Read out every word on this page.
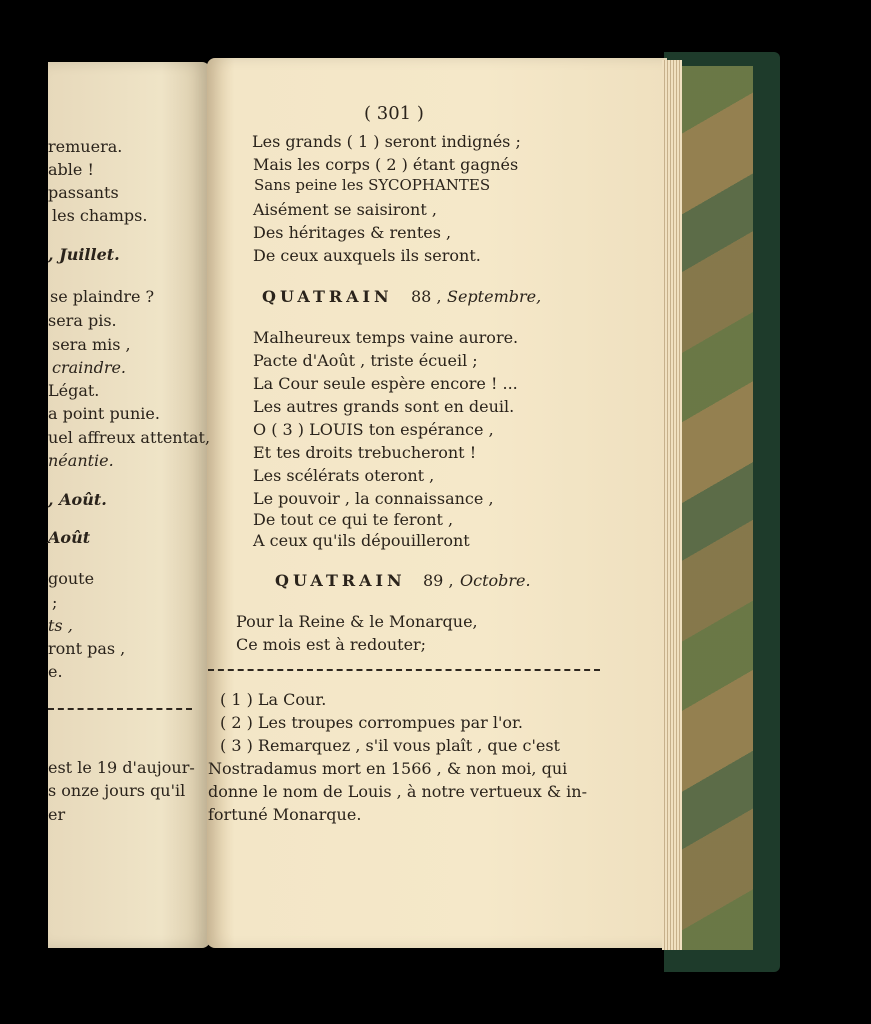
remuera.
able !
passants
les champs.
, Juillet.
se plaindre ?
sera pis.
sera mis ,
craindre.
Légat.
a point punie.
uel affreux attentat,
néantie.
, Août.
Août
goute
;
ts ,
ront pas ,
e.
est le 19 d'aujour-
s onze jours qu'il
er
( 301 )
Les grands ( 1 ) seront indignés ;
Mais les corps ( 2 ) étant gagnés
Sans peine les SYCOPHANTES
Aisément se saisiront ,
Des héritages & rentes ,
De ceux auxquels ils seront.
QUATRAIN 88 , Septembre,
Malheureux temps vaine aurore.
Pacte d'Août , triste écueil ;
La Cour seule espère encore ! ...
Les autres grands sont en deuil.
O ( 3 ) LOUIS ton espérance ,
Et tes droits trebucheront !
Les scélérats oteront ,
Le pouvoir , la connaissance ,
De tout ce qui te feront ,
A ceux qu'ils dépouilleront
QUATRAIN 89 , Octobre.
Pour la Reine & le Monarque,
Ce mois est à redouter;
( 1 ) La Cour.
( 2 ) Les troupes corrompues par l'or.
( 3 ) Remarquez , s'il vous plaît , que c'est
Nostradamus mort en 1566 , & non moi, qui
donne le nom de Louis , à notre vertueux & in-
fortuné Monarque.
